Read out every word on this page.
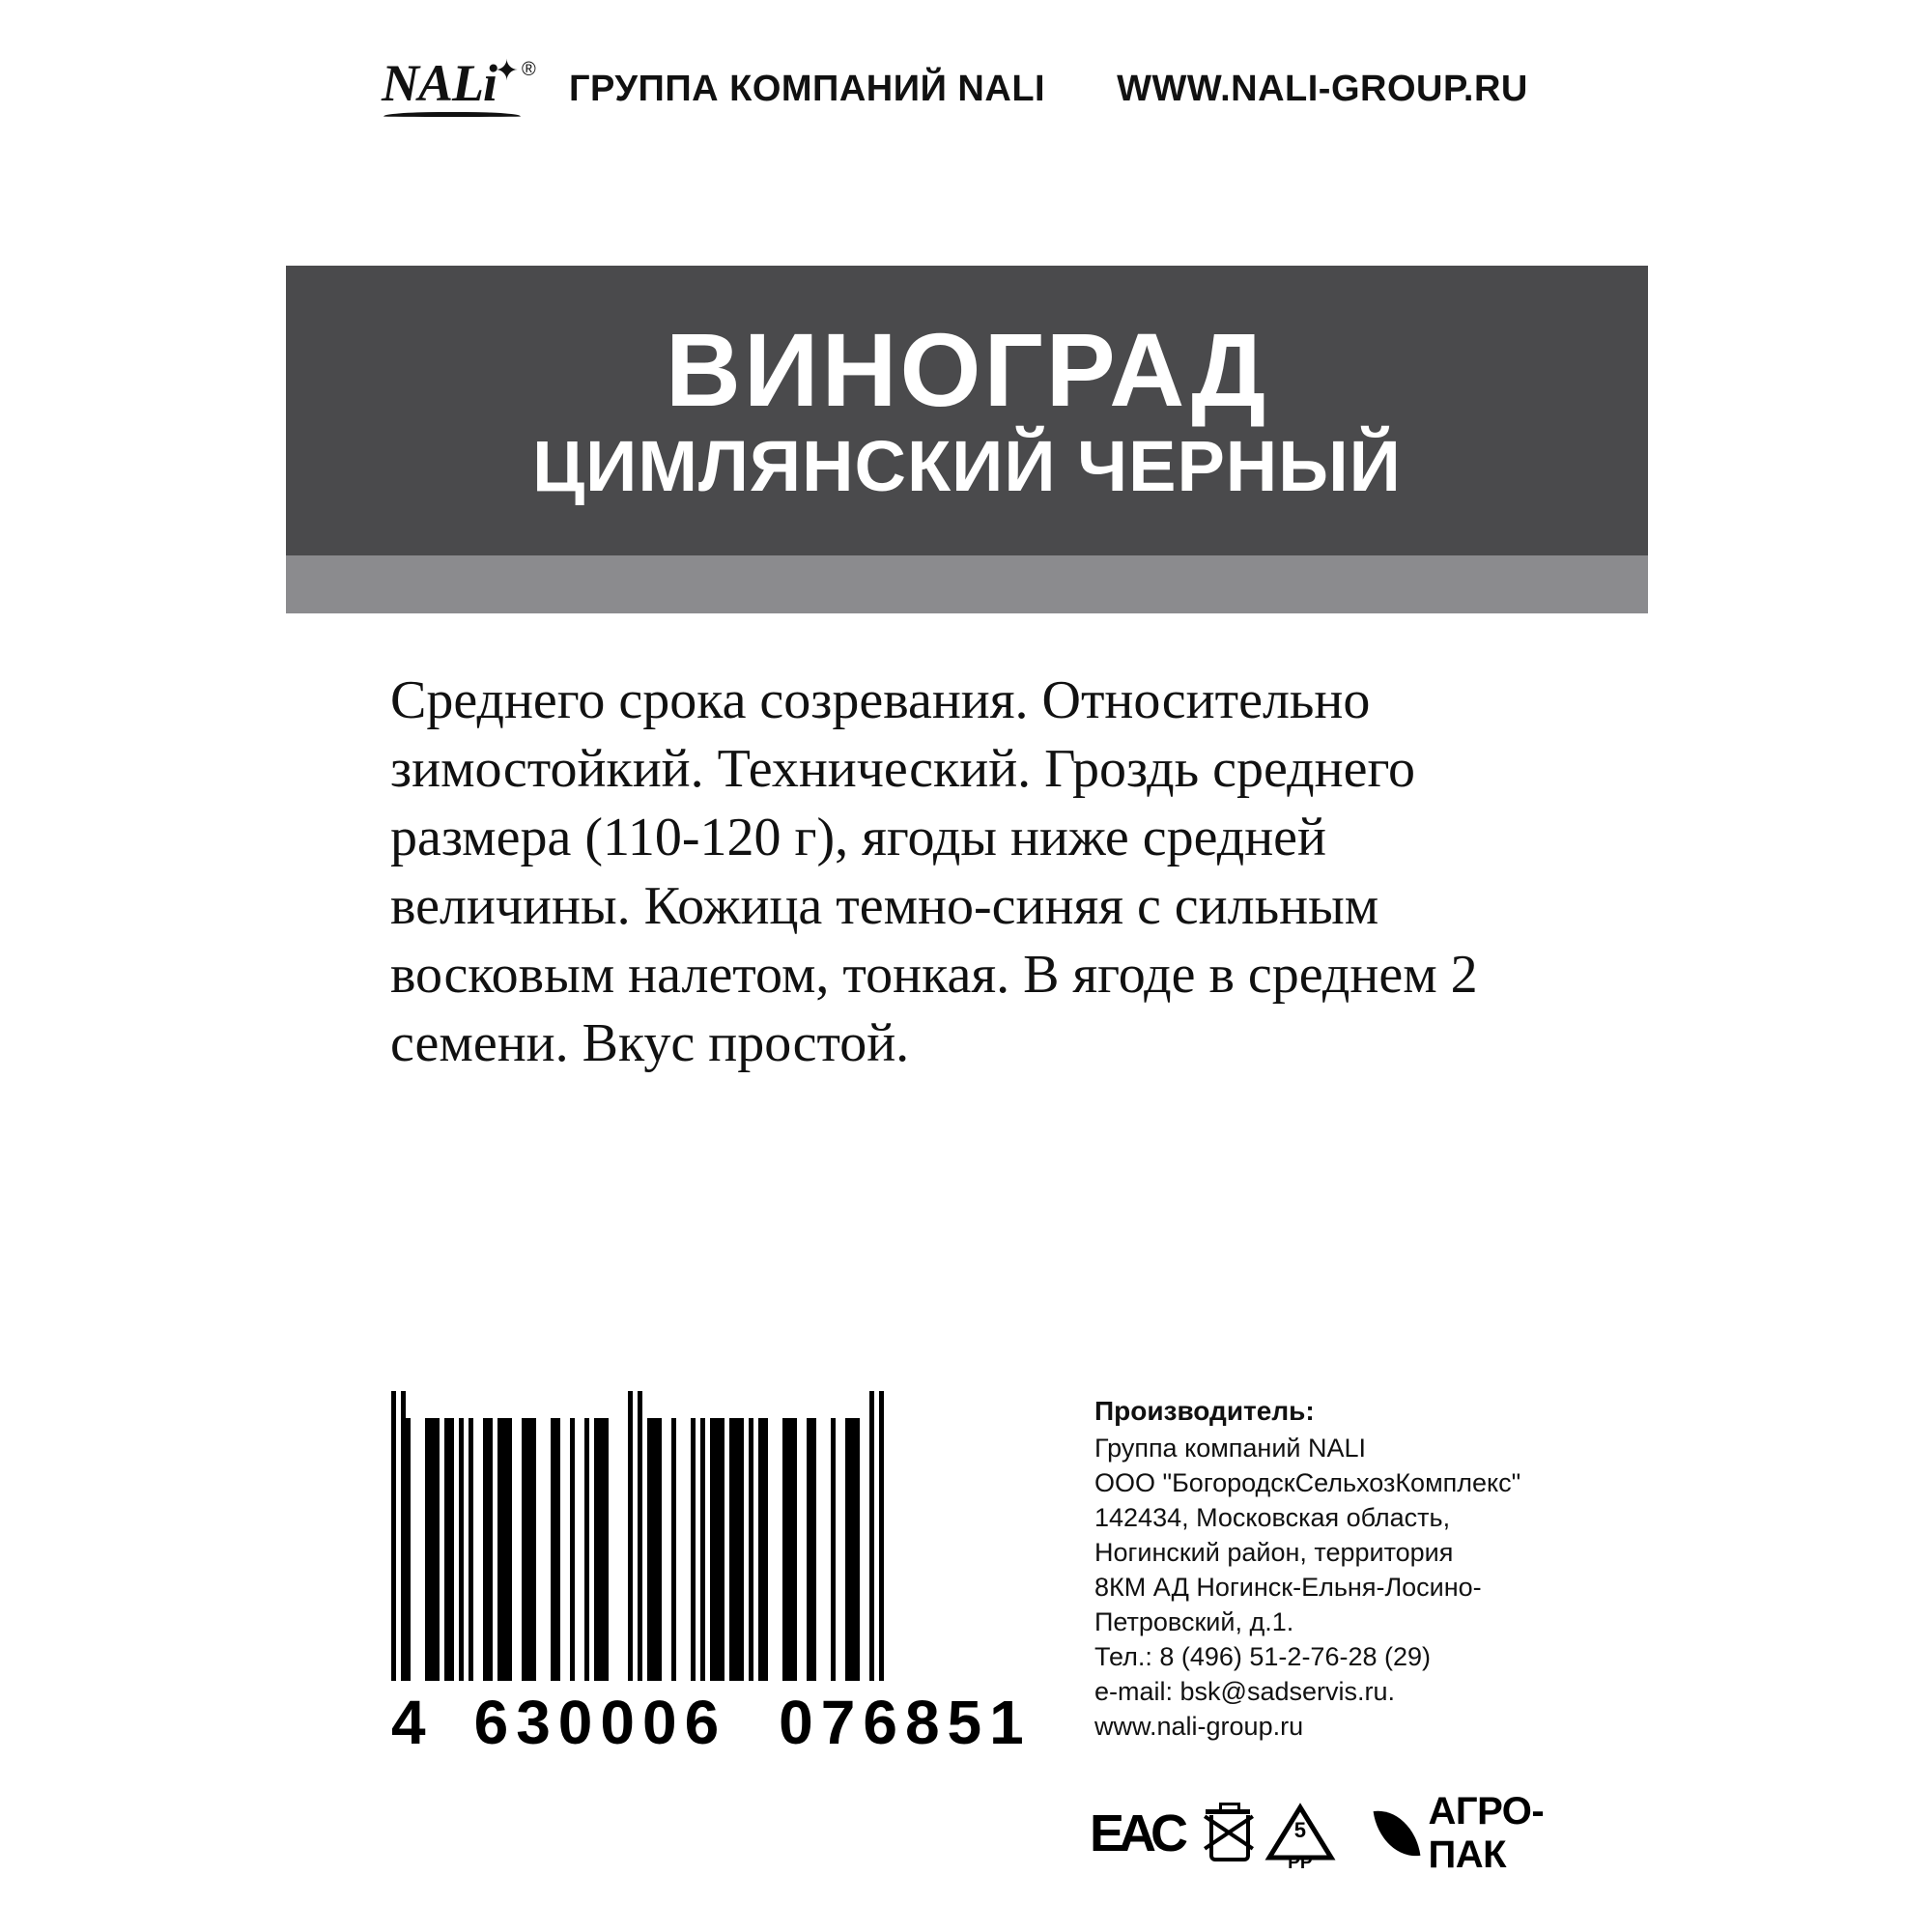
NALi
✦ ® ГРУППА КОМПАНИЙ NALI WWW.NALI-GROUP.RU
ВИНОГРАД
ЦИМЛЯНСКИЙ ЧЕРНЫЙ
Среднего срока созревания. Относительно зимостойкий. Технический. Гроздь среднего размера (110-120 г), ягоды ниже средней величины. Кожица темно-синяя с сильным восковым налетом, тонкая. В ягоде в среднем 2 семени. Вкус простой.
4 630006 076851
Производитель:
Группа компаний NALI
ООО "БогородскСельхозКомплекс"
142434, Московская область,
Ногинский район, территория
8КМ АД Ногинск-Ельня-Лосино-
Петровский, д.1.
Тел.: 8 (496) 51-2-76-28 (29)
e-mail: bsk@sadservis.ru.
www.nali-group.ru
ЕAC	5
PP
АГРО-ПАК
